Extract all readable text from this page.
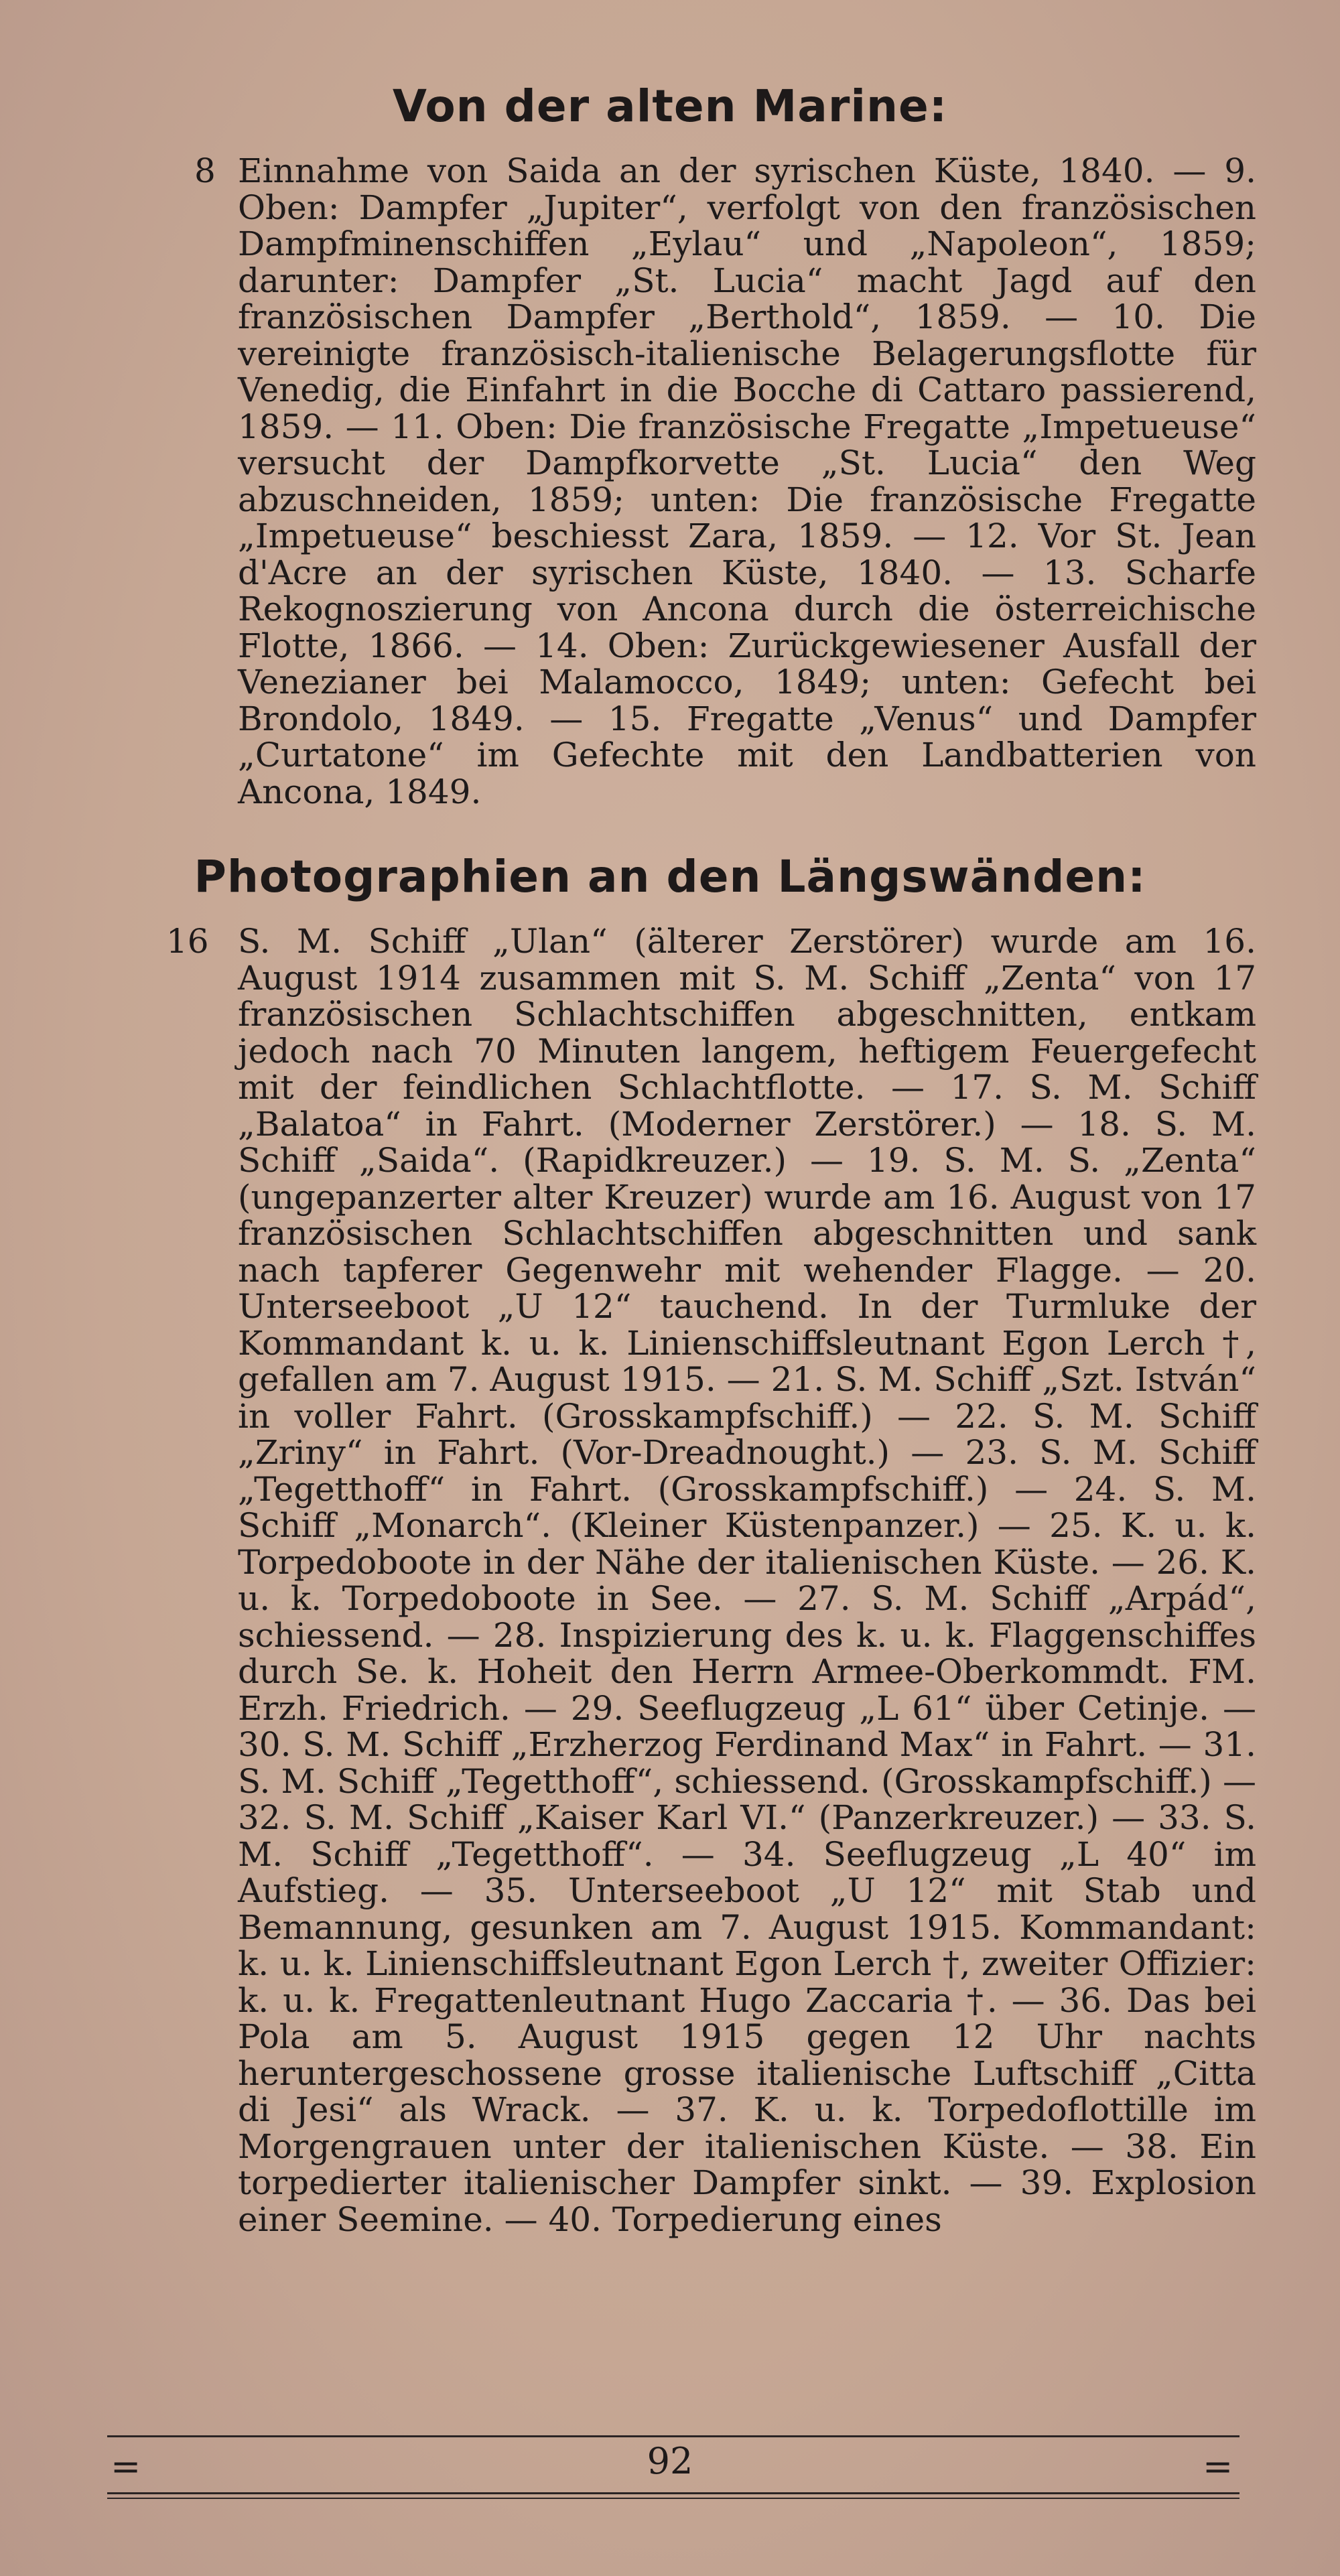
Von der alten Marine:
8 Einnahme von Saida an der syrischen Küste, 1840. — 9. Oben: Dampfer „Jupiter“, verfolgt von den französischen Dampfminenschiffen „Eylau“ und „Napoleon“, 1859; darunter: Dampfer „St. Lucia“ macht Jagd auf den französischen Dampfer „Berthold“, 1859. — 10. Die vereinigte französisch-italienische Belagerungsflotte für Venedig, die Einfahrt in die Bocche di Cattaro passierend, 1859. — 11. Oben: Die französische Fregatte „Impetueuse“ versucht der Dampfkorvette „St. Lucia“ den Weg abzuschneiden, 1859; unten: Die französische Fregatte „Impetueuse“ beschiesst Zara, 1859. — 12. Vor St. Jean d'Acre an der syrischen Küste, 1840. — 13. Scharfe Rekognoszierung von Ancona durch die österreichische Flotte, 1866. — 14. Oben: Zurückgewiesener Ausfall der Venezianer bei Malamocco, 1849; unten: Gefecht bei Brondolo, 1849. — 15. Fregatte „Venus“ und Dampfer „Curtatone“ im Gefechte mit den Landbatterien von Ancona, 1849.

Photographien an den Längswänden:
16 S. M. Schiff „Ulan“ (älterer Zerstörer) wurde am 16. August 1914 zusammen mit S. M. Schiff „Zenta“ von 17 französischen Schlachtschiffen abgeschnitten, entkam jedoch nach 70 Minuten langem, heftigem Feuergefecht mit der feindlichen Schlachtflotte. — 17. S. M. Schiff „Balatoa“ in Fahrt. (Moderner Zerstörer.) — 18. S. M. Schiff „Saida“. (Rapidkreuzer.) — 19. S. M. S. „Zenta“ (ungepanzerter alter Kreuzer) wurde am 16. August von 17 französischen Schlachtschiffen abgeschnitten und sank nach tapferer Gegenwehr mit wehender Flagge. — 20. Unterseeboot „U 12“ tauchend. In der Turmluke der Kommandant k. u. k. Linienschiffsleutnant Egon Lerch †, gefallen am 7. August 1915. — 21. S. M. Schiff „Szt. István“ in voller Fahrt. (Grosskampfschiff.) — 22. S. M. Schiff „Zriny“ in Fahrt. (Vor-Dreadnought.) — 23. S. M. Schiff „Tegetthoff“ in Fahrt. (Grosskampfschiff.) — 24. S. M. Schiff „Monarch“. (Kleiner Küstenpanzer.) — 25. K. u. k. Torpedoboote in der Nähe der italienischen Küste. — 26. K. u. k. Torpedoboote in See. — 27. S. M. Schiff „Arpád“, schiessend. — 28. Inspizierung des k. u. k. Flaggenschiffes durch Se. k. Hoheit den Herrn Armee-Oberkommdt. FM. Erzh. Friedrich. — 29. Seeflugzeug „L 61“ über Cetinje. — 30. S. M. Schiff „Erzherzog Ferdinand Max“ in Fahrt. — 31. S. M. Schiff „Tegetthoff“, schiessend. (Grosskampfschiff.) — 32. S. M. Schiff „Kaiser Karl VI.“ (Panzerkreuzer.) — 33. S. M. Schiff „Tegetthoff“. — 34. Seeflugzeug „L 40“ im Aufstieg. — 35. Unterseeboot „U 12“ mit Stab und Bemannung, gesunken am 7. August 1915. Kommandant: k. u. k. Linienschiffsleutnant Egon Lerch †, zweiter Offizier: k. u. k. Fregattenleutnant Hugo Zaccaria †. — 36. Das bei Pola am 5. August 1915 gegen 12 Uhr nachts heruntergeschossene grosse italienische Luftschiff „Citta di Jesi“ als Wrack. — 37. K. u. k. Torpedoflottille im Morgengrauen unter der italienischen Küste. — 38. Ein torpedierter italienischer Dampfer sinkt. — 39. Explosion einer Seemine. — 40. Torpedierung eines

=	92	=
